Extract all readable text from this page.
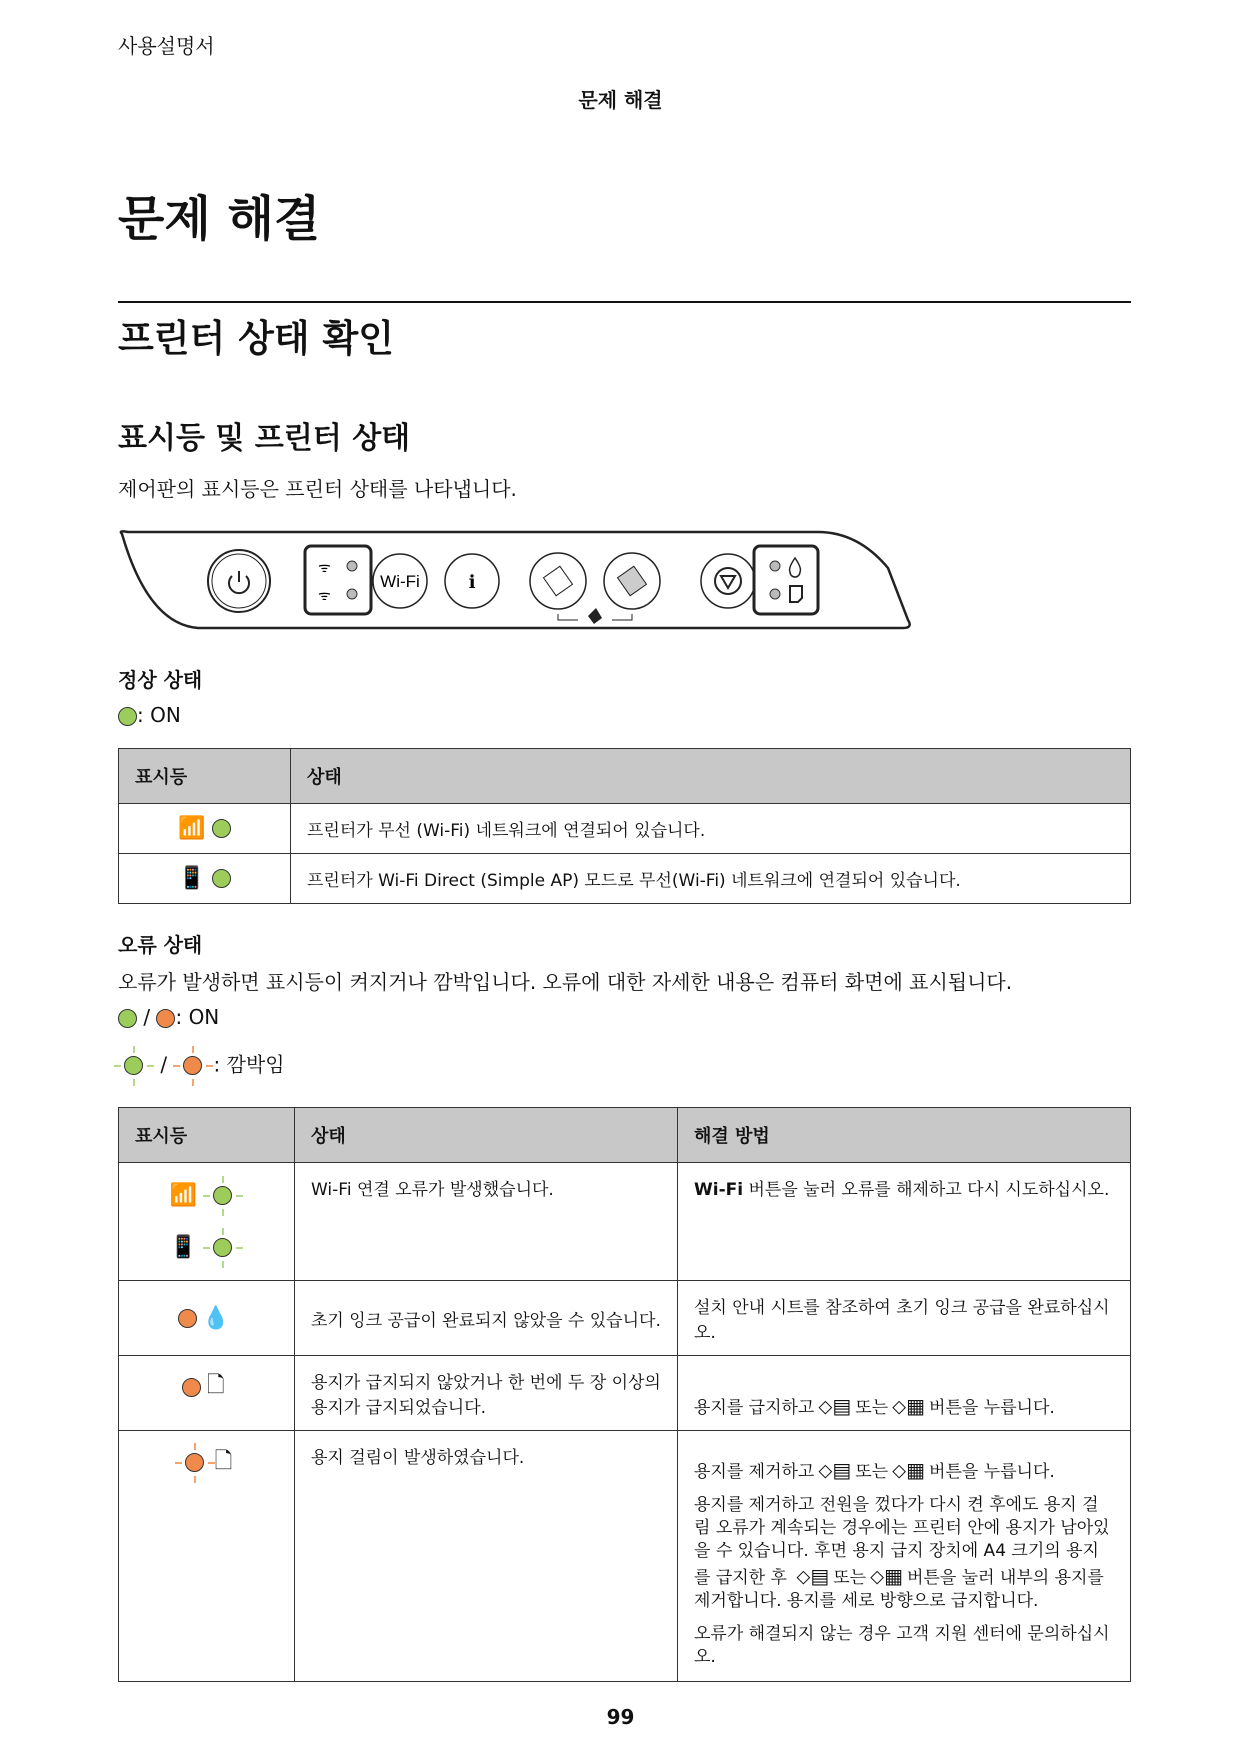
사용설명서
문제 해결
문제 해결
프린터 상태 확인
표시등 및 프린터 상태
제어판의 표시등은 프린터 상태를 나타냅니다.
ᯤ
ᯤ
Wi-Fi	ℹ
정상 상태
: ON
표시등	상태
📶	프린터가 무선 (Wi-Fi) 네트워크에 연결되어 있습니다.
📱	프린터가 Wi-Fi Direct (Simple AP) 모드로 무선(Wi-Fi) 네트워크에 연결되어 있습니다.
오류 상태
오류가 발생하면 표시등이 켜지거나 깜박입니다. 오류에 대한 자세한 내용은 컴퓨터 화면에 표시됩니다.
/ : ON
/ : 깜박임
표시등	상태	해결 방법

📶
📱	Wi-Fi 연결 오류가 발생했습니다.	Wi-Fi 버튼을 눌러 오류를 해제하고 다시 시도하십시오.
💧	초기 잉크 공급이 완료되지 않았을 수 있습니다.	설치 안내 시트를 참조하여 초기 잉크 공급을 완료하십시오.
🗋	용지가 급지되지 않았거나 한 번에 두 장 이상의 용지가 급지되었습니다.	용지를 급지하고 ⬦▤ 또는 ⬦▦ 버튼을 누릅니다.

🗋	용지 걸림이 발생하였습니다.	용지를 제거하고 ⬦▤ 또는 ⬦▦ 버튼을 누릅니다.
용지를 제거하고 전원을 껐다가 다시 켠 후에도 용지 걸림 오류가 계속되는 경우에는 프린터 안에 용지가 남아있을 수 있습니다. 후면 용지 급지 장치에 A4 크기의 용지를 급지한 후 ⬦▤ 또는 ⬦▦ 버튼을 눌러 내부의 용지를 제거합니다. 용지를 세로 방향으로 급지합니다.
오류가 해결되지 않는 경우 고객 지원 센터에 문의하십시오.
99
